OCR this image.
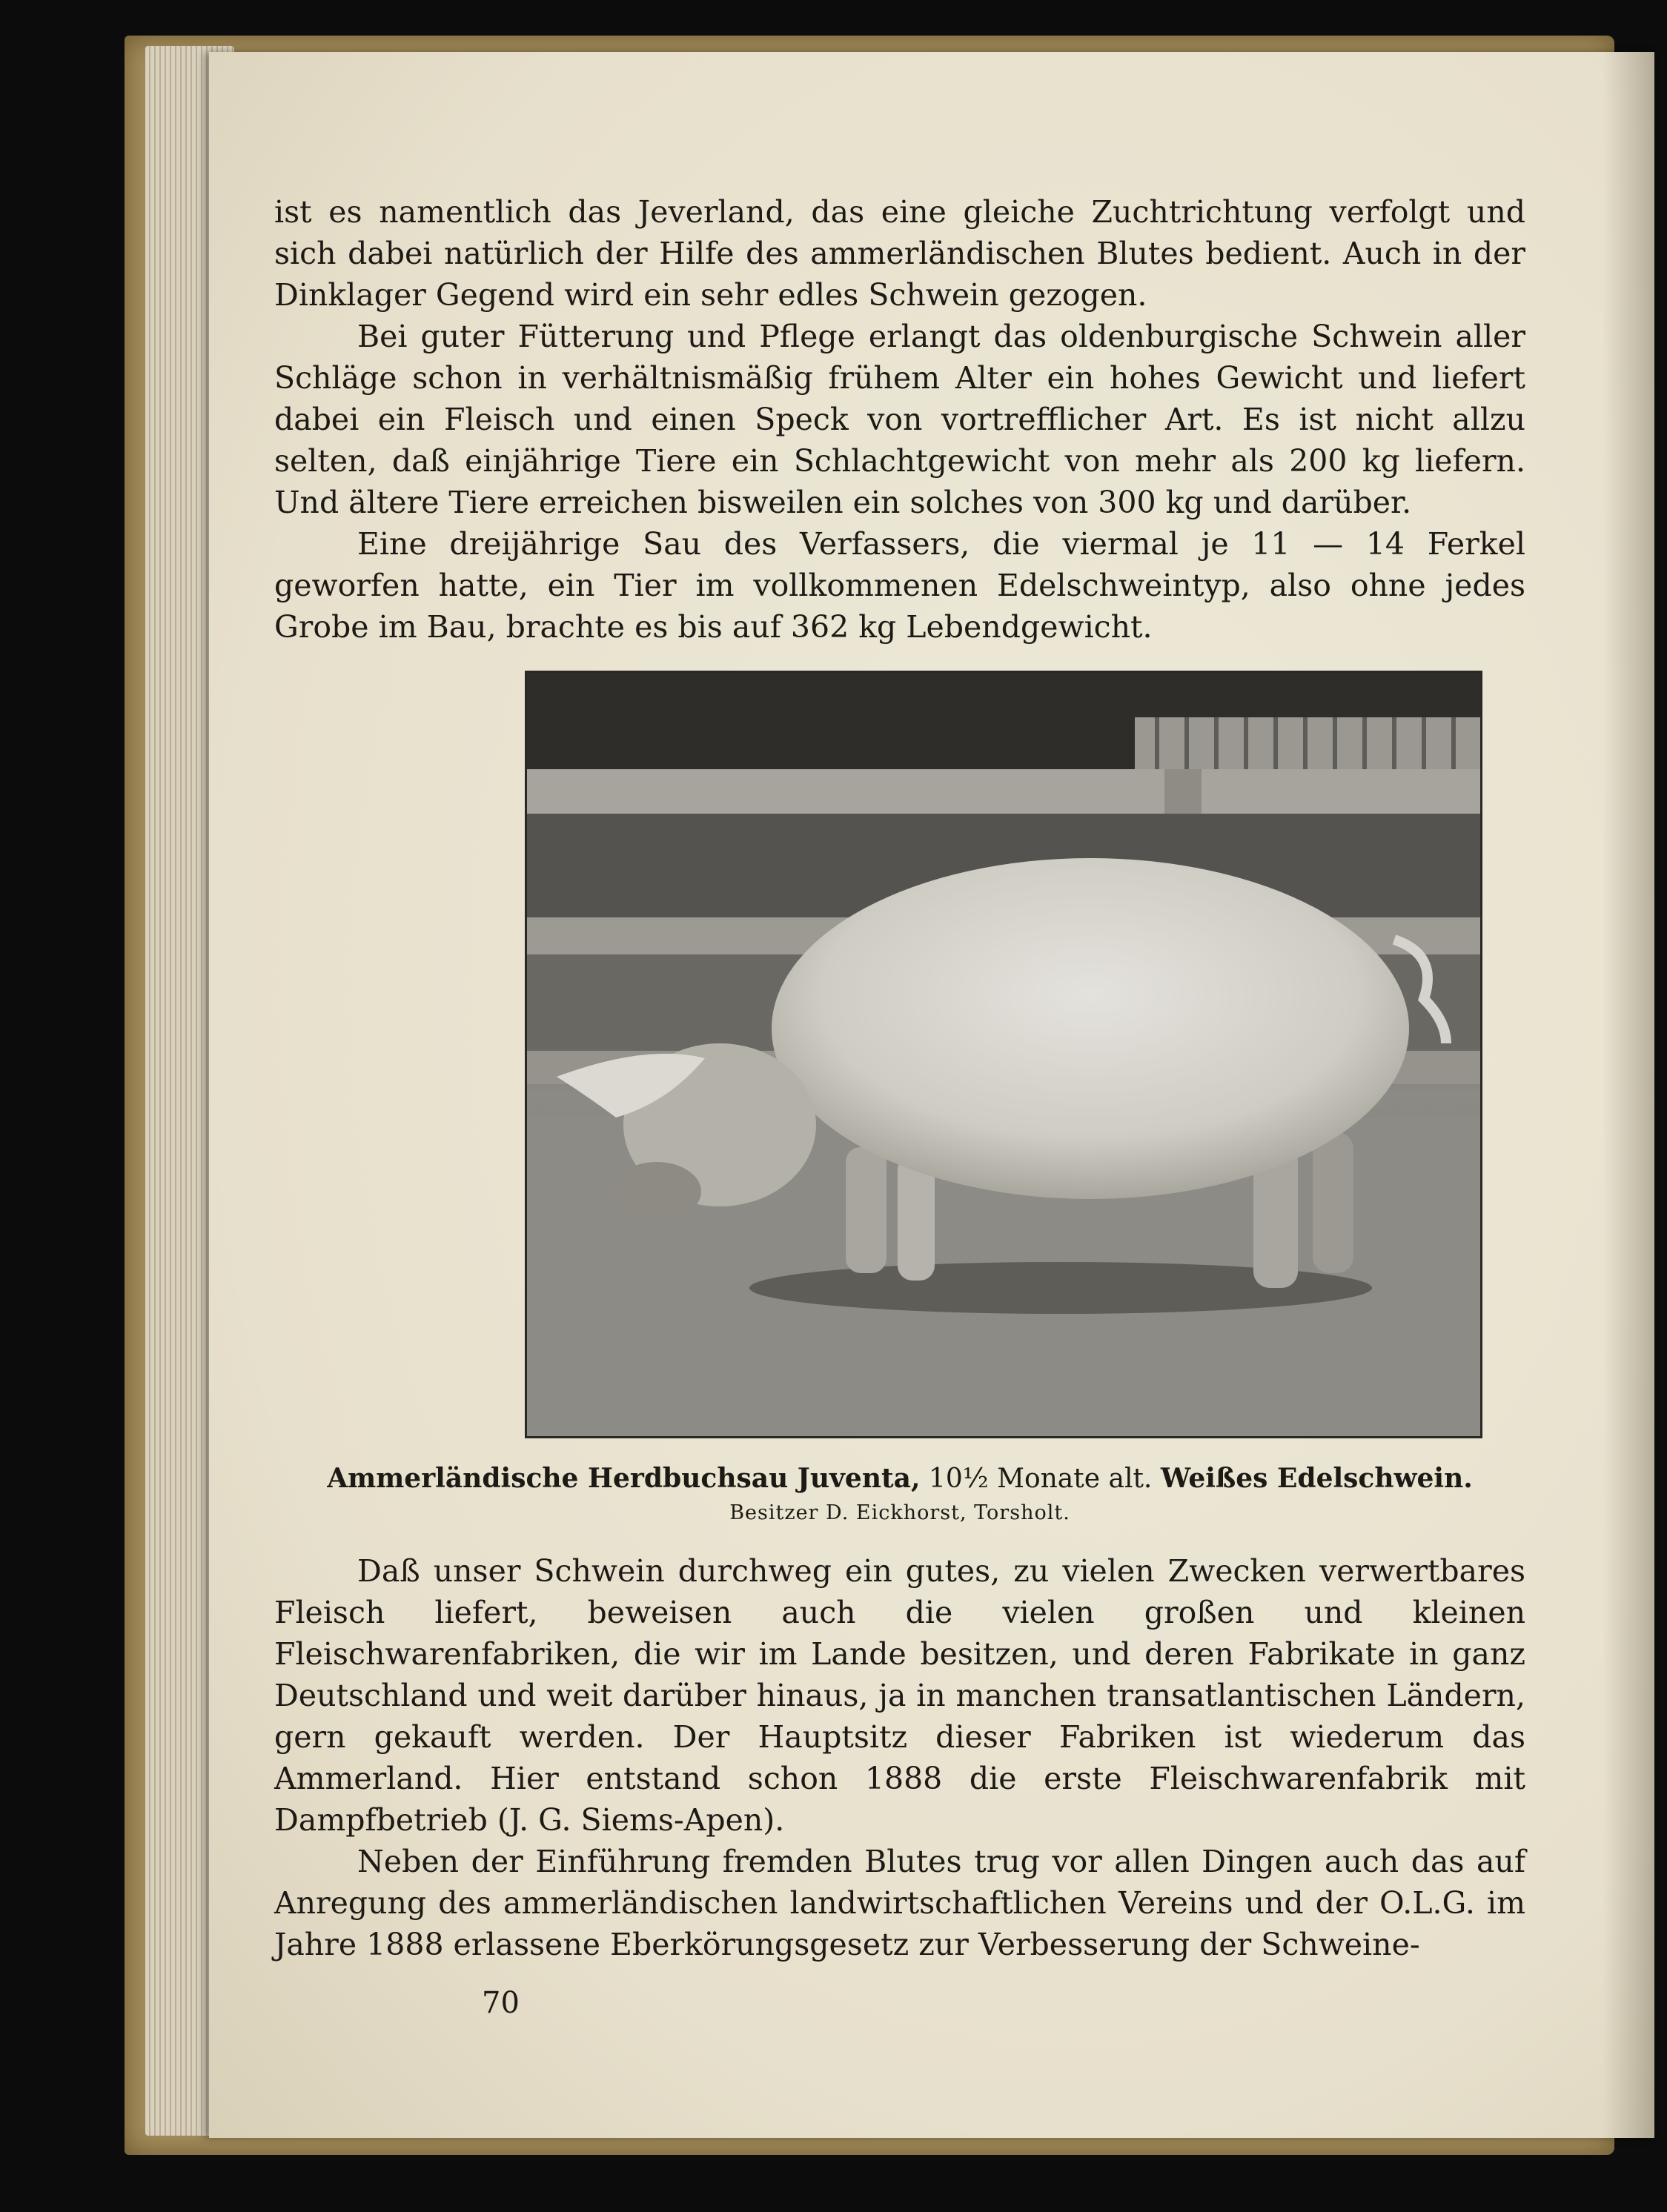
ist es namentlich das Jeverland, das eine gleiche Zuchtrichtung verfolgt und sich dabei natürlich der Hilfe des ammerländischen Blutes bedient. Auch in der Dinklager Gegend wird ein sehr edles Schwein gezogen.

Bei guter Fütterung und Pflege erlangt das oldenburgische Schwein aller Schläge schon in verhältnismäßig frühem Alter ein hohes Gewicht und liefert dabei ein Fleisch und einen Speck von vortrefflicher Art. Es ist nicht allzu selten, daß einjährige Tiere ein Schlachtgewicht von mehr als 200 kg liefern. Und ältere Tiere erreichen bisweilen ein solches von 300 kg und darüber.

Eine dreijährige Sau des Verfassers, die viermal je 11 — 14 Ferkel geworfen hatte, ein Tier im vollkommenen Edelschweintyp, also ohne jedes Grobe im Bau, brachte es bis auf 362 kg Lebendgewicht.

Ammerländische Herdbuchsau Juventa, 10½ Monate alt. Weißes Edelschwein.
Besitzer D. Eickhorst, Torsholt.

Daß unser Schwein durchweg ein gutes, zu vielen Zwecken verwertbares Fleisch liefert, beweisen auch die vielen großen und kleinen Fleischwarenfabriken, die wir im Lande besitzen, und deren Fabrikate in ganz Deutschland und weit darüber hinaus, ja in manchen transatlantischen Ländern, gern gekauft werden. Der Hauptsitz dieser Fabriken ist wiederum das Ammerland. Hier entstand schon 1888 die erste Fleischwarenfabrik mit Dampfbetrieb (J. G. Siems-Apen).

Neben der Einführung fremden Blutes trug vor allen Dingen auch das auf Anregung des ammerländischen landwirtschaftlichen Vereins und der O.L.G. im Jahre 1888 erlassene Eberkörungsgesetz zur Verbesserung der Schweine-

70
